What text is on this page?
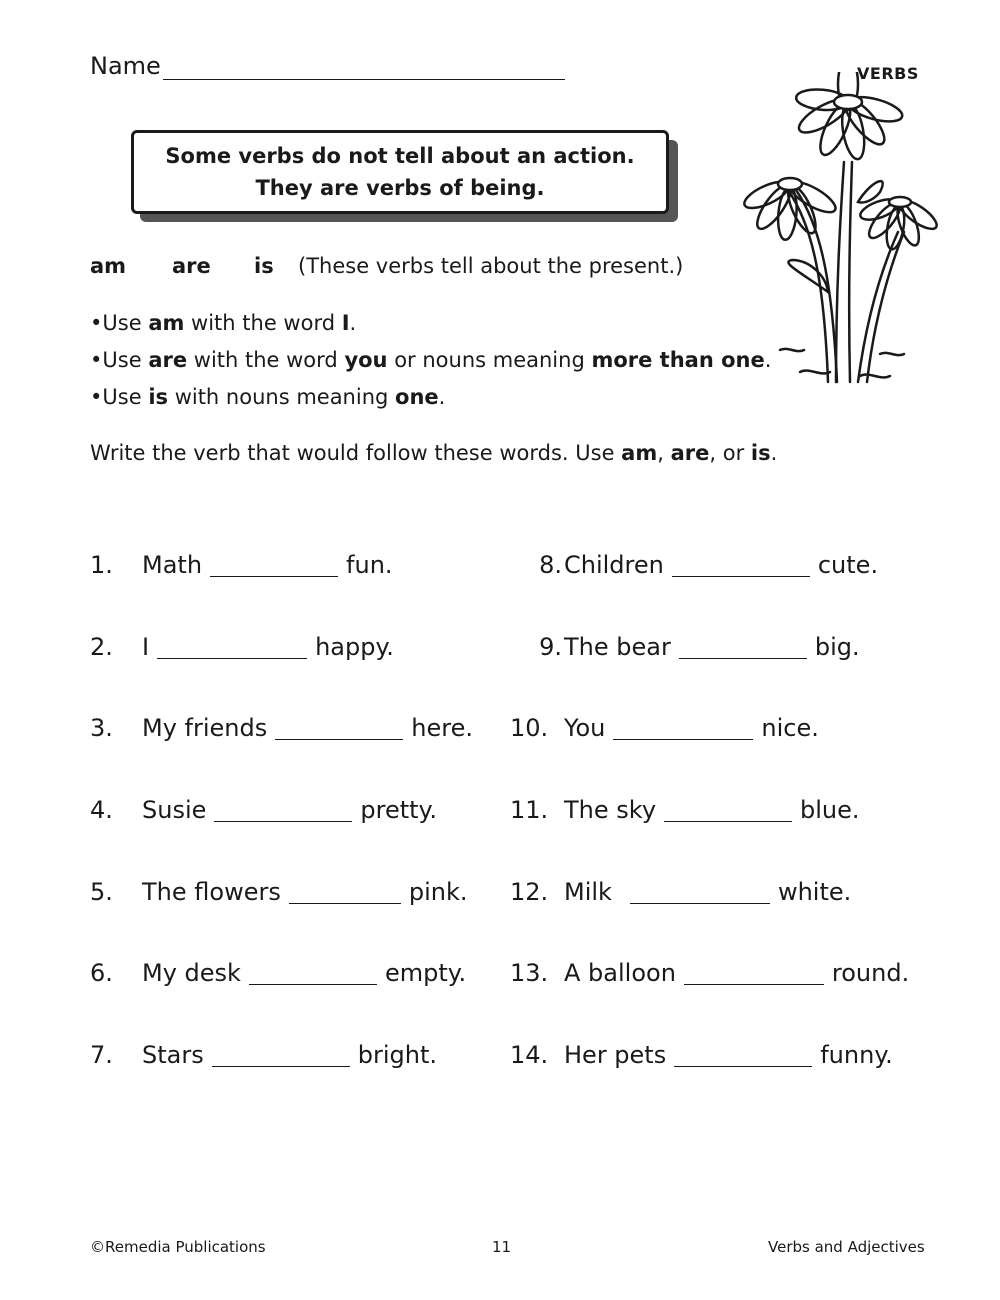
Name	VERBS
Some verbs do not tell about an action.
They are verbs of being.
am are is (These verbs tell about the present.)
•Use am with the word I.
•Use are with the word you or nouns meaning more than one.
•Use is with nouns meaning one.
Write the verb that would follow these words. Use am, are, or is.
1.	Math	fun.
2.	I	happy.
3.	My friends	here.
4.	Susie	pretty.
5.	The flowers	pink.
6.	My desk	empty.
7.	Stars	bright.
8. Children	cute.
9. The bear	big.
10. You	nice.
11. The sky	blue.
12. Milk	white.
13. A balloon	round.
14. Her pets	funny.
©Remedia Publications	11	Verbs and Adjectives
